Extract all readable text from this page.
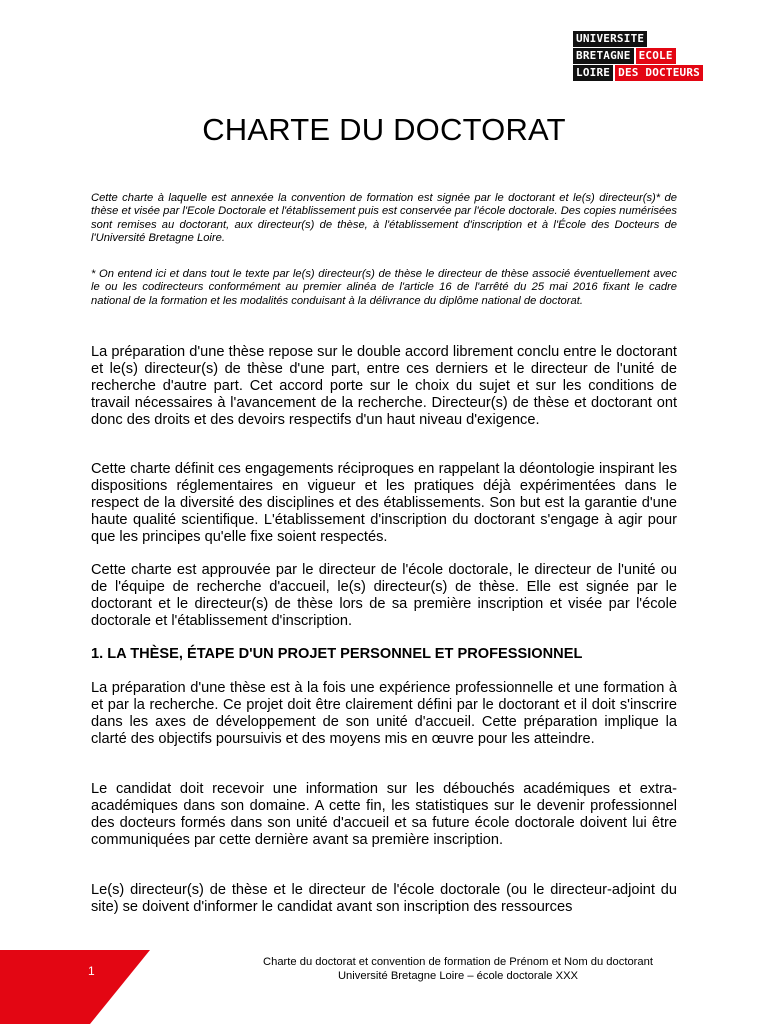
UNIVERSITE
BRETAGNE ECOLE
LOIRE DES DOCTEURS
CHARTE DU DOCTORAT

Cette charte à laquelle est annexée la convention de formation est signée par le doctorant et le(s) directeur(s)* de thèse et visée par l'Ecole Doctorale et l'établissement puis est conservée par l'école doctorale. Des copies numérisées sont remises au doctorant, aux directeur(s) de thèse, à l'établissement d'inscription et à l'École des Docteurs de l'Université Bretagne Loire.

* On entend ici et dans tout le texte par le(s) directeur(s) de thèse le directeur de thèse associé éventuellement avec le ou les codirecteurs conformément au premier alinéa de l'article 16 de l'arrêté du 25 mai 2016 fixant le cadre national de la formation et les modalités conduisant à la délivrance du diplôme national de doctorat.

La préparation d'une thèse repose sur le double accord librement conclu entre le doctorant et le(s) directeur(s) de thèse d'une part, entre ces derniers et le directeur de l'unité de recherche d'autre part. Cet accord porte sur le choix du sujet et sur les conditions de travail nécessaires à l'avancement de la recherche. Directeur(s) de thèse et doctorant ont donc des droits et des devoirs respectifs d'un haut niveau d'exigence.

Cette charte définit ces engagements réciproques en rappelant la déontologie inspirant les dispositions réglementaires en vigueur et les pratiques déjà expérimentées dans le respect de la diversité des disciplines et des établissements. Son but est la garantie d'une haute qualité scientifique. L'établissement d'inscription du doctorant s'engage à agir pour que les principes qu'elle fixe soient respectés.

Cette charte est approuvée par le directeur de l'école doctorale, le directeur de l'unité ou de l'équipe de recherche d'accueil, le(s) directeur(s) de thèse. Elle est signée par le doctorant et le directeur(s) de thèse lors de sa première inscription et visée par l'école doctorale et l'établissement d'inscription.

1. LA THÈSE, ÉTAPE D'UN PROJET PERSONNEL ET PROFESSIONNEL

La préparation d'une thèse est à la fois une expérience professionnelle et une formation à et par la recherche. Ce projet doit être clairement défini par le doctorant et il doit s'inscrire dans les axes de développement de son unité d'accueil. Cette préparation implique la clarté des objectifs poursuivis et des moyens mis en œuvre pour les atteindre.

Le candidat doit recevoir une information sur les débouchés académiques et extra-académiques dans son domaine. A cette fin, les statistiques sur le devenir professionnel des docteurs formés dans son unité d'accueil et sa future école doctorale doivent lui être communiquées par cette dernière avant sa première inscription.

Le(s) directeur(s) de thèse et le directeur de l'école doctorale (ou le directeur-adjoint du site) se doivent d'informer le candidat avant son inscription des ressources

1
Charte du doctorat et convention de formation de Prénom et Nom du doctorant
Université Bretagne Loire – école doctorale XXX
